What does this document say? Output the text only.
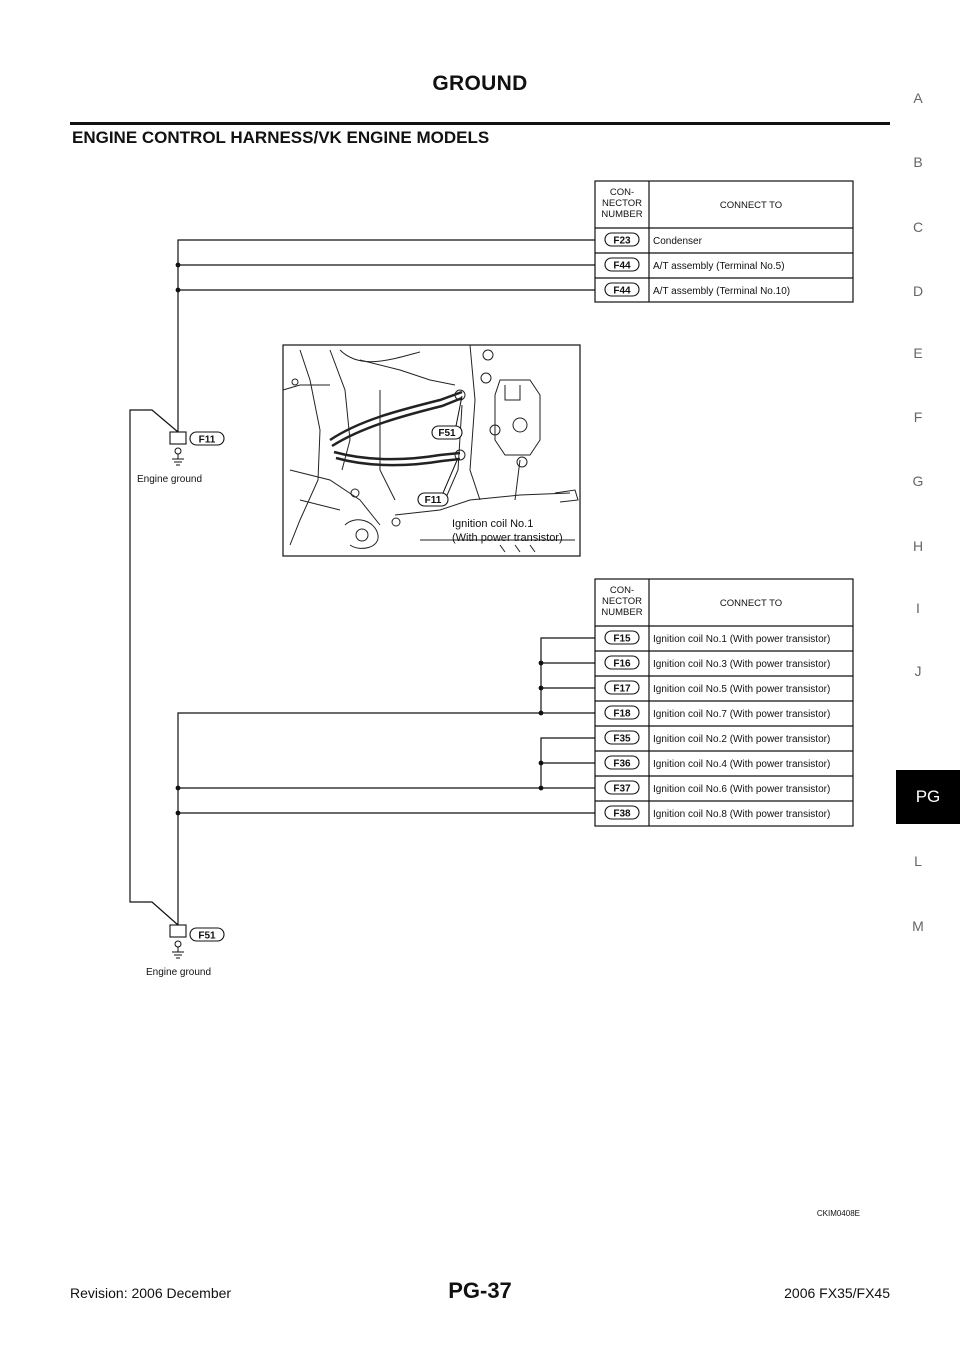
GROUND
ENGINE CONTROL HARNESS/VK ENGINE MODELS
A
B
C
D
E
F
G
H
I
J
PG
L
M
CON-
NECTOR
NUMBER
CONNECT TO
CON-
NECTOR
NUMBER
CONNECT TO
F23 Condenser
F44 A/T assembly (Terminal No.5)
F44 A/T assembly (Terminal No.10)
F15 Ignition coil No.1 (With power transistor)
F16 Ignition coil No.3 (With power transistor)
F17 Ignition coil No.5 (With power transistor)
F18 Ignition coil No.7 (With power transistor)
F35 Ignition coil No.2 (With power transistor)
F36 Ignition coil No.4 (With power transistor)
F37 Ignition coil No.6 (With power transistor)
F38 Ignition coil No.8 (With power transistor)
F11
Engine ground
F51
Engine ground
F51
F11
Ignition coil No.1
(With power transistor)
CKIM0408E
Revision: 2006 December	PG-37	2006 FX35/FX45
